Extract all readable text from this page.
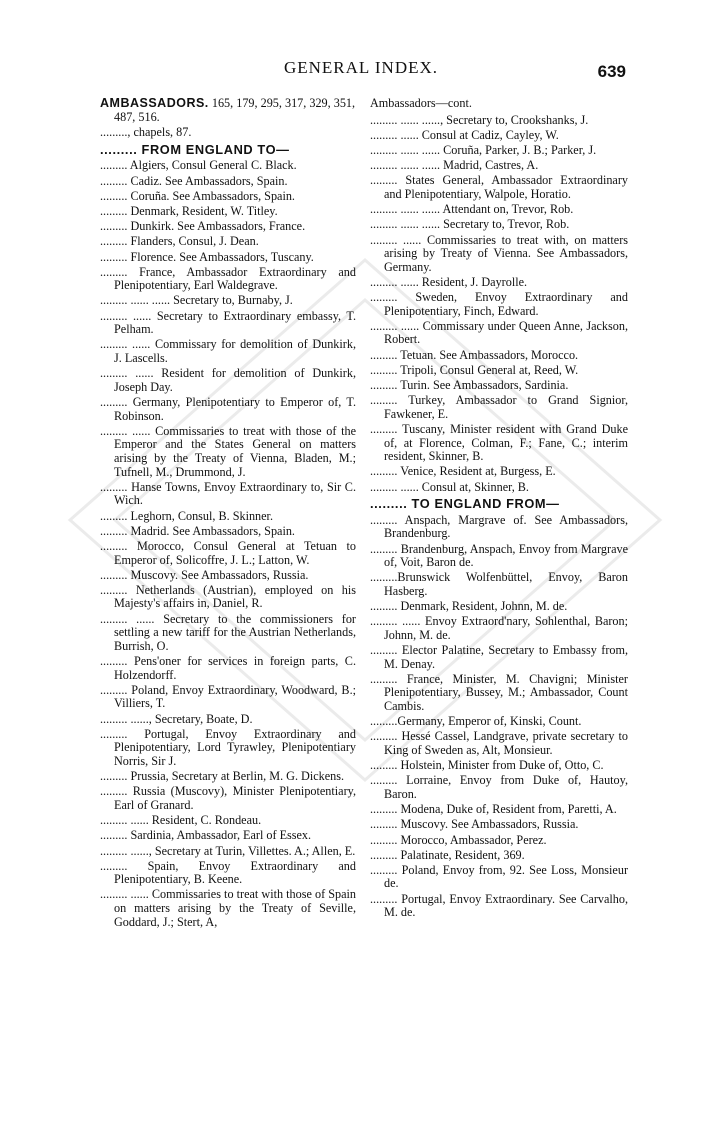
GENERAL INDEX.	639

AMBASSADORS. 165, 179, 295, 317, 329, 351, 487, 516.

........., chapels, 87.

......... FROM ENGLAND TO—

......... Algiers, Consul General C. Black.

......... Cadiz. See Ambassadors, Spain.

......... Coruña. See Ambassadors, Spain.

......... Denmark, Resident, W. Titley.

......... Dunkirk. See Ambassadors, France.

......... Flanders, Consul, J. Dean.

......... Florence. See Ambassadors, Tuscany.

......... France, Ambassador Extraordinary and Plenipotentiary, Earl Waldegrave.

......... ...... ...... Secretary to, Burnaby, J.

......... ...... Secretary to Extraordinary embassy, T. Pelham.

......... ...... Commissary for demolition of Dunkirk, J. Lascells.

......... ...... Resident for demolition of Dunkirk, Joseph Day.

......... Germany, Plenipotentiary to Emperor of, T. Robinson.

......... ...... Commissaries to treat with those of the Emperor and the States General on matters arising by the Treaty of Vienna, Bladen, M.; Tufnell, M., Drummond, J.

......... Hanse Towns, Envoy Extraordinary to, Sir C. Wich.

......... Leghorn, Consul, B. Skinner.

......... Madrid. See Ambassadors, Spain.

......... Morocco, Consul General at Tetuan to Emperor of, Solicoffre, J. L.; Latton, W.

......... Muscovy. See Ambassadors, Russia.

......... Netherlands (Austrian), employed on his Majesty's affairs in, Daniel, R.

......... ...... Secretary to the commissioners for settling a new tariff for the Austrian Netherlands, Burrish, O.

......... Pens'oner for services in foreign parts, C. Holzendorff.

......... Poland, Envoy Extraordinary, Woodward, B.; Villiers, T.

......... ......, Secretary, Boate, D.

......... Portugal, Envoy Extraordinary and Plenipotentiary, Lord Tyrawley, Plenipotentiary Norris, Sir J.

......... Prussia, Secretary at Berlin, M. G. Dickens.

......... Russia (Muscovy), Minister Plenipotentiary, Earl of Granard.

......... ...... Resident, C. Rondeau.

......... Sardinia, Ambassador, Earl of Essex.

......... ......, Secretary at Turin, Villettes. A.; Allen, E.

......... Spain, Envoy Extraordinary and Plenipotentiary, B. Keene.

......... ...... Commissaries to treat with those of Spain on matters arising by the Treaty of Seville, Goddard, J.; Stert, A,

Ambassadors—cont.

......... ...... ......, Secretary to, Crookshanks, J.

......... ...... Consul at Cadiz, Cayley, W.

......... ...... ...... Coruña, Parker, J. B.; Parker, J.

......... ...... ...... Madrid, Castres, A.

......... States General, Ambassador Extraordinary and Plenipotentiary, Walpole, Horatio.

......... ...... ...... Attendant on, Trevor, Rob.

......... ...... ...... Secretary to, Trevor, Rob.

......... ...... Commissaries to treat with, on matters arising by Treaty of Vienna. See Ambassadors, Germany.

......... ...... Resident, J. Dayrolle.

......... Sweden, Envoy Extraordinary and Plenipotentiary, Finch, Edward.

......... ...... Commissary under Queen Anne, Jackson, Robert.

......... Tetuan. See Ambassadors, Morocco.

......... Tripoli, Consul General at, Reed, W.

......... Turin. See Ambassadors, Sardinia.

......... Turkey, Ambassador to Grand Signior, Fawkener, E.

......... Tuscany, Minister resident with Grand Duke of, at Florence, Colman, F.; Fane, C.; interim resident, Skinner, B.

......... Venice, Resident at, Burgess, E.

......... ...... Consul at, Skinner, B.

......... TO ENGLAND FROM—

......... Anspach, Margrave of. See Ambassadors, Brandenburg.

......... Brandenburg, Anspach, Envoy from Margrave of, Voit, Baron de.

.........Brunswick Wolfenbüttel, Envoy, Baron Hasberg.

......... Denmark, Resident, Johnn, M. de.

......... ...... Envoy Extraord'nary, Sohlenthal, Baron; Johnn, M. de.

......... Elector Palatine, Secretary to Embassy from, M. Denay.

......... France, Minister, M. Chavigni; Minister Plenipotentiary, Bussey, M.; Ambassador, Count Cambis.

.........Germany, Emperor of, Kinski, Count.

......... Hessé Cassel, Landgrave, private secretary to King of Sweden as, Alt, Monsieur.

......... Holstein, Minister from Duke of, Otto, C.

......... Lorraine, Envoy from Duke of, Hautoy, Baron.

......... Modena, Duke of, Resident from, Paretti, A.

......... Muscovy. See Ambassadors, Russia.

......... Morocco, Ambassador, Perez.

......... Palatinate, Resident, 369.

......... Poland, Envoy from, 92. See Loss, Monsieur de.

......... Portugal, Envoy Extraordinary. See Carvalho, M. de.
